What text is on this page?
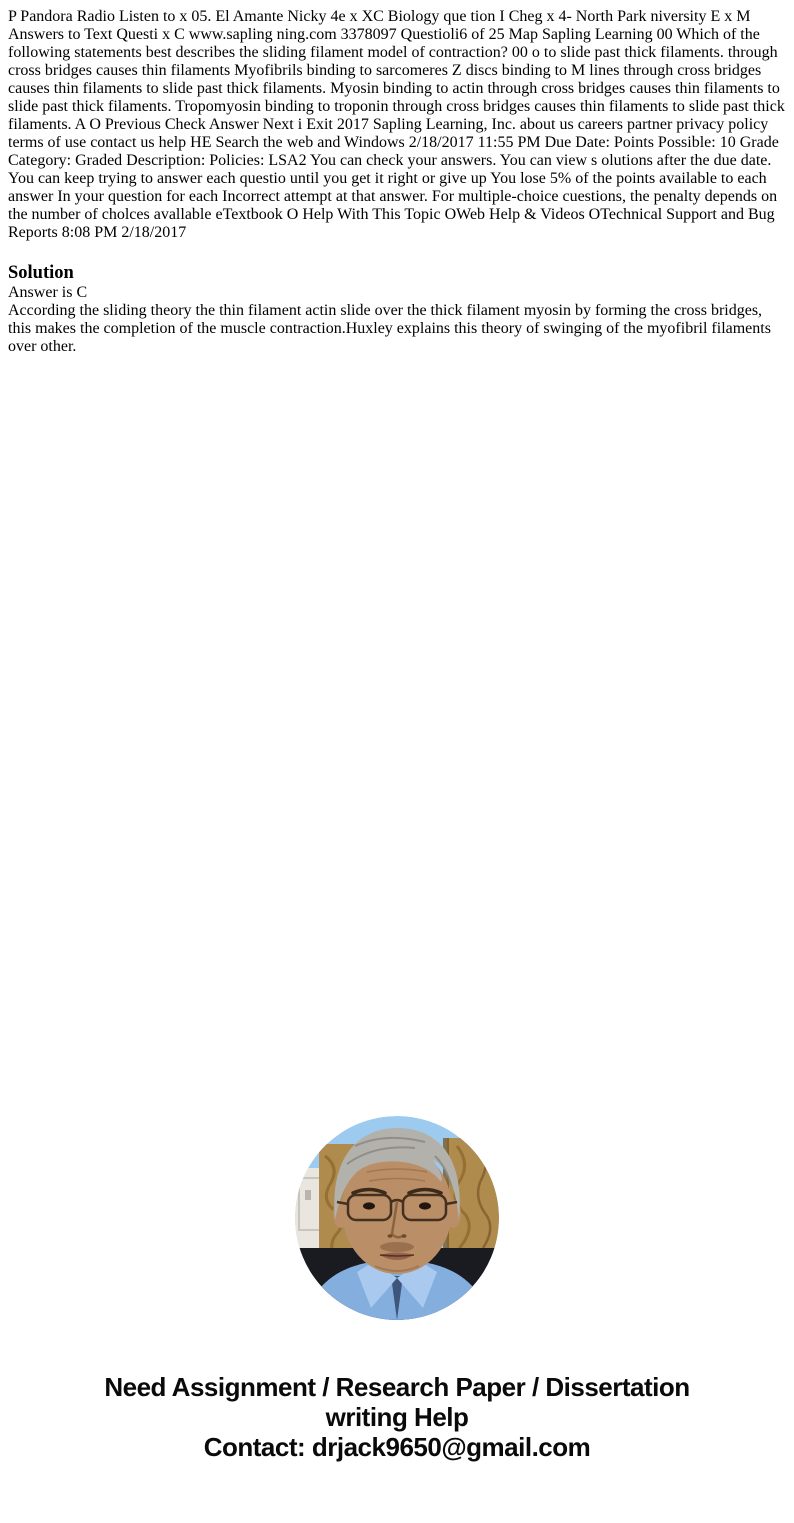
P Pandora Radio Listen to x 05. El Amante Nicky 4e x XC Biology que tion I Cheg x 4- North Park niversity E x M Answers to Text Questi x C www.sapling ning.com 3378097 Questioli6 of 25 Map Sapling Learning 00 Which of the following statements best describes the sliding filament model of contraction? 00 o to slide past thick filaments. through cross bridges causes thin filaments Myofibrils binding to sarcomeres Z discs binding to M lines through cross bridges causes thin filaments to slide past thick filaments. Myosin binding to actin through cross bridges causes thin filaments to slide past thick filaments. Tropomyosin binding to troponin through cross bridges causes thin filaments to slide past thick filaments. A O Previous Check Answer Next i Exit 2017 Sapling Learning, Inc. about us careers partner privacy policy terms of use contact us help HE Search the web and Windows 2/18/2017 11:55 PM Due Date: Points Possible: 10 Grade Category: Graded Description: Policies: LSA2 You can check your answers. You can view s olutions after the due date. You can keep trying to answer each questio until you get it right or give up You lose 5% of the points available to each answer In your question for each Incorrect attempt at that answer. For multiple-choice cuestions, the penalty depends on the number of cholces avallable eTextbook O Help With This Topic OWeb Help & Videos OTechnical Support and Bug Reports 8:08 PM 2/18/2017

Solution

Answer is C

According the sliding theory the thin filament actin slide over the thick filament myosin by forming the cross bridges, this makes the completion of the muscle contraction.Huxley explains this theory of swinging of the myofibril filaments over other.

Need Assignment / Research Paper / Dissertation
writing Help
Contact: drjack9650@gmail.com
